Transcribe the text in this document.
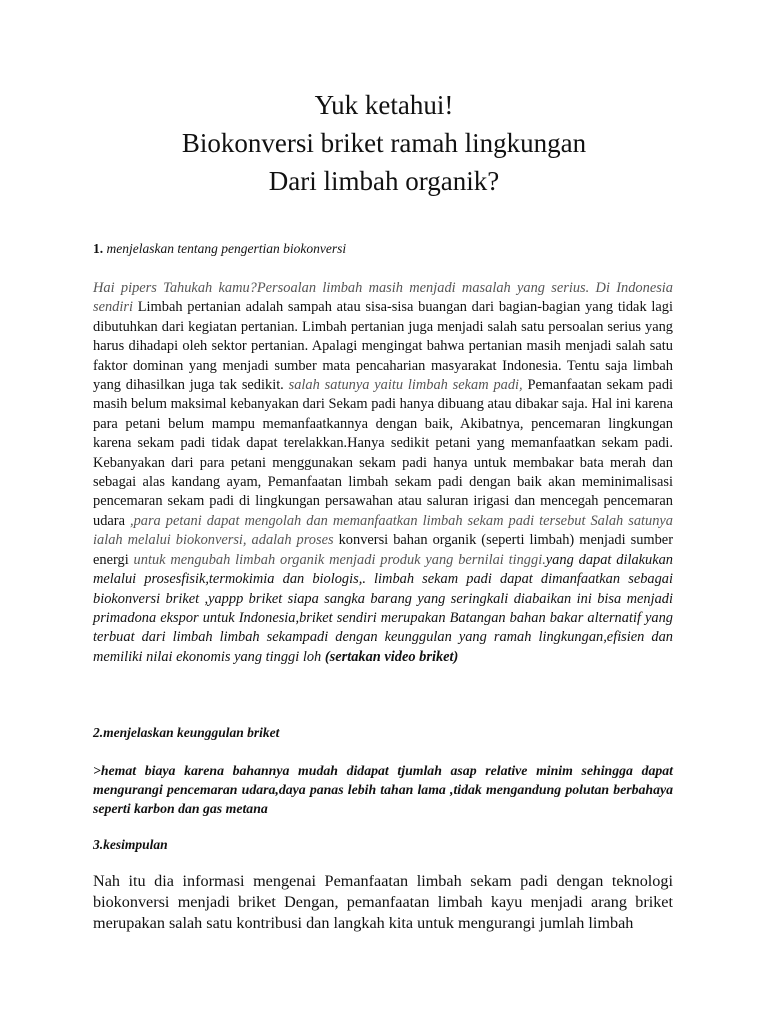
Yuk ketahui!
Biokonversi briket ramah lingkungan
Dari limbah organik?
1. menjelaskan tentang pengertian biokonversi
Hai pipers Tahukah kamu?Persoalan limbah masih menjadi masalah yang serius. Di Indonesia sendiri Limbah pertanian adalah sampah atau sisa-sisa buangan dari bagian-bagian yang tidak lagi dibutuhkan dari kegiatan pertanian. Limbah pertanian juga menjadi salah satu persoalan serius yang harus dihadapi oleh sektor pertanian. Apalagi mengingat bahwa pertanian masih menjadi salah satu faktor dominan yang menjadi sumber mata pencaharian masyarakat Indonesia. Tentu saja limbah yang dihasilkan juga tak sedikit. salah satunya yaitu limbah sekam padi, Pemanfaatan sekam padi masih belum maksimal kebanyakan dari Sekam padi hanya dibuang atau dibakar saja. Hal ini karena para petani belum mampu memanfaatkannya dengan baik, Akibatnya, pencemaran lingkungan karena sekam padi tidak dapat terelakkan.Hanya sedikit petani yang memanfaatkan sekam padi. Kebanyakan dari para petani menggunakan sekam padi hanya untuk membakar bata merah dan sebagai alas kandang ayam, Pemanfaatan limbah sekam padi dengan baik akan meminimalisasi pencemaran sekam padi di lingkungan persawahan atau saluran irigasi dan mencegah pencemaran udara ,para petani dapat mengolah dan memanfaatkan limbah sekam padi tersebut Salah satunya ialah melalui biokonversi, adalah proses konversi bahan organik (seperti limbah) menjadi sumber energi untuk mengubah limbah organik menjadi produk yang bernilai tinggi.yang dapat dilakukan melalui prosesfisik,termokimia dan biologis,. limbah sekam padi dapat dimanfaatkan sebagai biokonversi briket ,yappp briket siapa sangka barang yang seringkali diabaikan ini bisa menjadi primadona ekspor untuk Indonesia,briket sendiri merupakan Batangan bahan bakar alternatif yang terbuat dari limbah limbah sekampadi dengan keunggulan yang ramah lingkungan,efisien dan memiliki nilai ekonomis yang tinggi loh (sertakan video briket)
2.menjelaskan keunggulan briket
>hemat biaya karena bahannya mudah didapat tjumlah asap relative minim sehingga dapat mengurangi pencemaran udara,daya panas lebih tahan lama ,tidak mengandung polutan berbahaya seperti karbon dan gas metana
3.kesimpulan
Nah itu dia informasi mengenai Pemanfaatan limbah sekam padi dengan teknologi biokonversi menjadi briket Dengan, pemanfaatan limbah kayu menjadi arang briket merupakan salah satu kontribusi dan langkah kita untuk mengurangi jumlah limbah
